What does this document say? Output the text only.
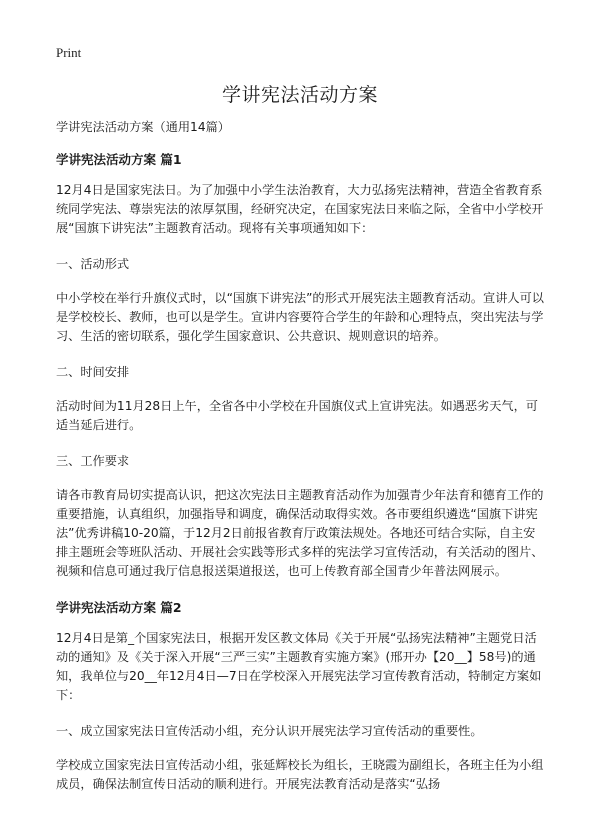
Print
学讲宪法活动方案

学讲宪法活动方案（通用14篇）

学讲宪法活动方案 篇1

12月4日是国家宪法日。为了加强中小学生法治教育，大力弘扬宪法精神，营造全省教育系统同学宪法、尊崇宪法的浓厚氛围，经研究决定，在国家宪法日来临之际，全省中小学校开展“国旗下讲宪法”主题教育活动。现将有关事项通知如下：

一、活动形式

中小学校在举行升旗仪式时，以“国旗下讲宪法”的形式开展宪法主题教育活动。宣讲人可以是学校校长、教师，也可以是学生。宣讲内容要符合学生的年龄和心理特点，突出宪法与学习、生活的密切联系，强化学生国家意识、公共意识、规则意识的培养。

二、时间安排

活动时间为11月28日上午，全省各中小学校在升国旗仪式上宣讲宪法。如遇恶劣天气，可适当延后进行。

三、工作要求

请各市教育局切实提高认识，把这次宪法日主题教育活动作为加强青少年法育和德育工作的重要措施，认真组织，加强指导和调度，确保活动取得实效。各市要组织遴选“国旗下讲宪法”优秀讲稿10-20篇，于12月2日前报省教育厅政策法规处。各地还可结合实际，自主安排主题班会等班队活动、开展社会实践等形式多样的宪法学习宣传活动，有关活动的图片、视频和信息可通过我厅信息报送渠道报送，也可上传教育部全国青少年普法网展示。

学讲宪法活动方案 篇2

12月4日是第_个国家宪法日，根据开发区教文体局《关于开展“弘扬宪法精神”主题党日活动的通知》及《关于深入开展“三严三实”主题教育实施方案》(邢开办【20__】58号)的通知，我单位与20__年12月4日—7日在学校深入开展宪法学习宣传教育活动，特制定方案如下：

一、成立国家宪法日宣传活动小组，充分认识开展宪法学习宣传活动的重要性。

学校成立国家宪法日宣传活动小组，张延辉校长为组长，王晓霞为副组长，各班主任为小组成员，确保法制宣传日活动的顺利进行。开展宪法教育活动是落实“弘扬
